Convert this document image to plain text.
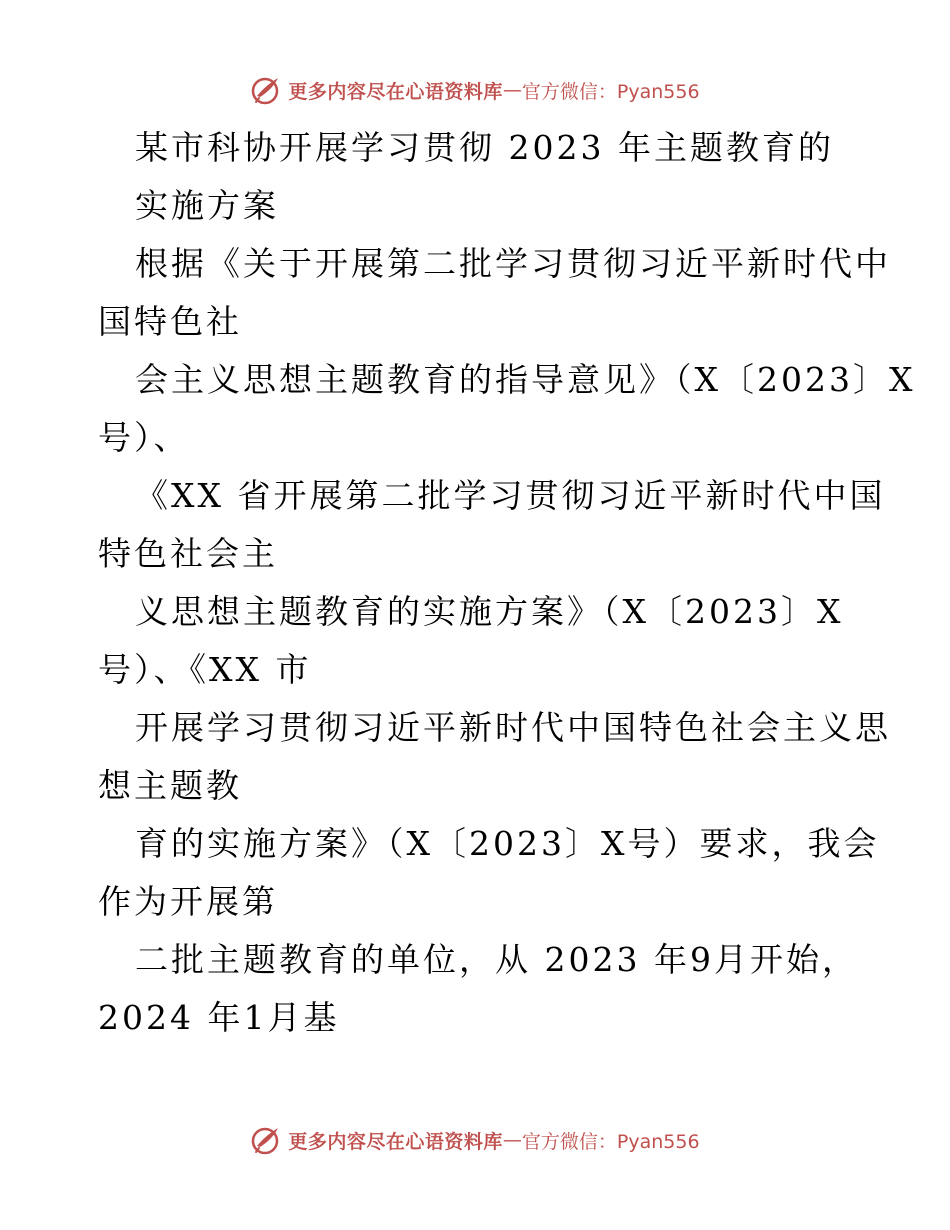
更多内容尽在心语资料库 — 官方微信：Pyan556
某市科协开展学习贯彻 2023 年主题教育的
实施方案
根据《关于开展第二批学习贯彻习近平新时代中
国特色社
会主义思想主题教育的指导意见》（X〔2023〕X
号）、
《XX 省开展第二批学习贯彻习近平新时代中国
特色社会主
义思想主题教育的实施方案》（X〔2023〕X
号）、《XX 市
开展学习贯彻习近平新时代中国特色社会主义思
想主题教
育的实施方案》（X〔2023〕X号）要求，我会
作为开展第
二批主题教育的单位，从 2023 年9月开始，
2024 年1月基
更多内容尽在心语资料库 — 官方微信：Pyan556
